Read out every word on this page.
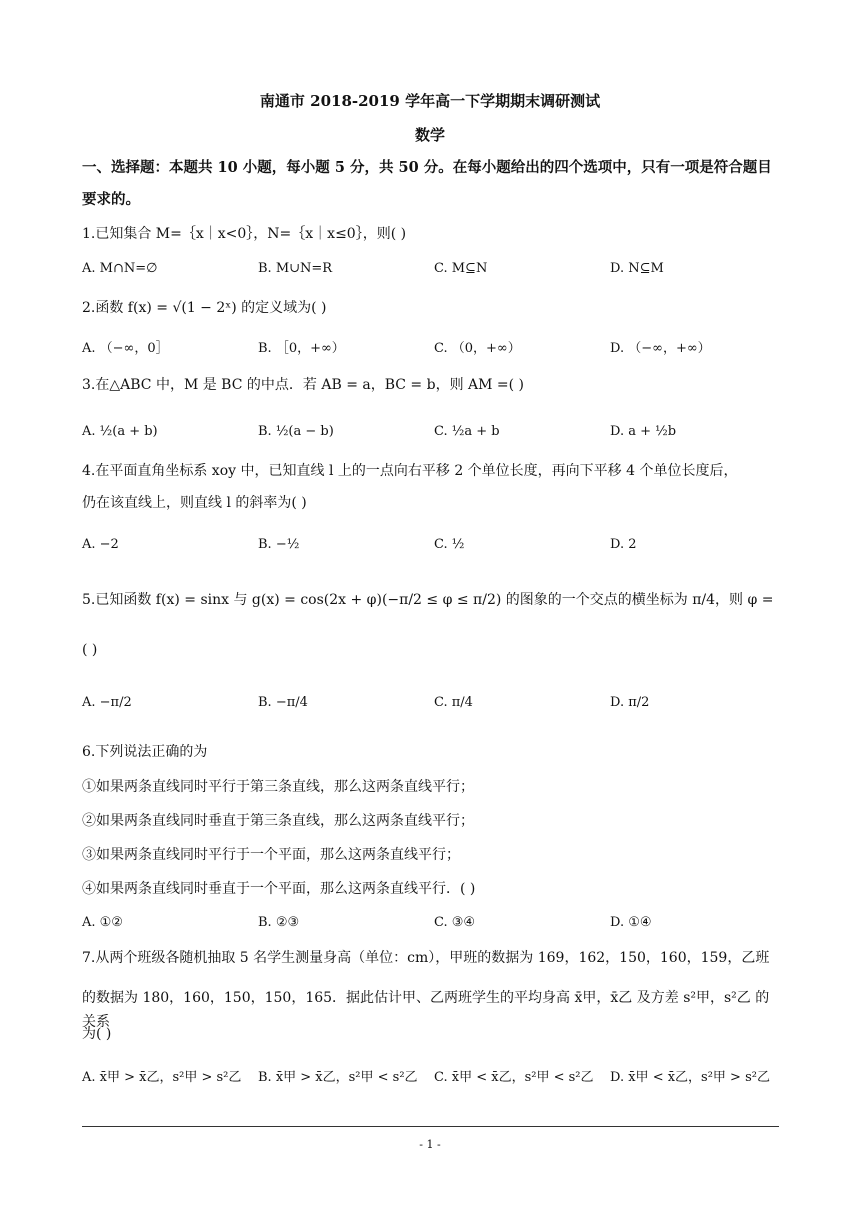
南通市 2018-2019 学年高一下学期期末调研测试
数学
一、选择题：本题共 10 小题，每小题 5 分，共 50 分。在每小题给出的四个选项中，只有一项是符合题目
要求的。
1.已知集合 M=｛x｜x<0｝，N=｛x｜x≤0｝，则( )
A. M∩N=∅	B. M∪N=R	C. M⊆N	D. N⊆M
2.函数 f(x) = √(1 − 2ˣ) 的定义域为( )
A. （−∞，0］	B. ［0，+∞）	C. （0，+∞）	D. （−∞，+∞）
3.在△ABC 中，M 是 BC 的中点．若 AB = a，BC = b，则 AM =( )
A. ½(a + b)	B. ½(a − b)	C. ½a + b	D. a + ½b
4.在平面直角坐标系 xoy 中，已知直线 l 上的一点向右平移 2 个单位长度，再向下平移 4 个单位长度后，
仍在该直线上，则直线 l 的斜率为( )
A. −2	B. −½	C. ½	D. 2
5.已知函数 f(x) = sinx 与 g(x) = cos(2x + φ)(−π/2 ≤ φ ≤ π/2) 的图象的一个交点的横坐标为 π/4，则 φ =
( )
A. −π/2	B. −π/4	C. π/4	D. π/2
6.下列说法正确的为
①如果两条直线同时平行于第三条直线，那么这两条直线平行；
②如果两条直线同时垂直于第三条直线，那么这两条直线平行；
③如果两条直线同时平行于一个平面，那么这两条直线平行；
④如果两条直线同时垂直于一个平面，那么这两条直线平行．( )
A. ①②	B. ②③	C. ③④	D. ①④
7.从两个班级各随机抽取 5 名学生测量身高（单位：cm），甲班的数据为 169，162，150，160，159，乙班
的数据为 180，160，150，150，165．据此估计甲、乙两班学生的平均身高 x̄甲，x̄乙 及方差 s²甲，s²乙 的关系
为( )
A. x̄甲 > x̄乙，s²甲 > s²乙 B. x̄甲 > x̄乙，s²甲 < s²乙 C. x̄甲 < x̄乙，s²甲 < s²乙 D. x̄甲 < x̄乙，s²甲 > s²乙
- 1 -
